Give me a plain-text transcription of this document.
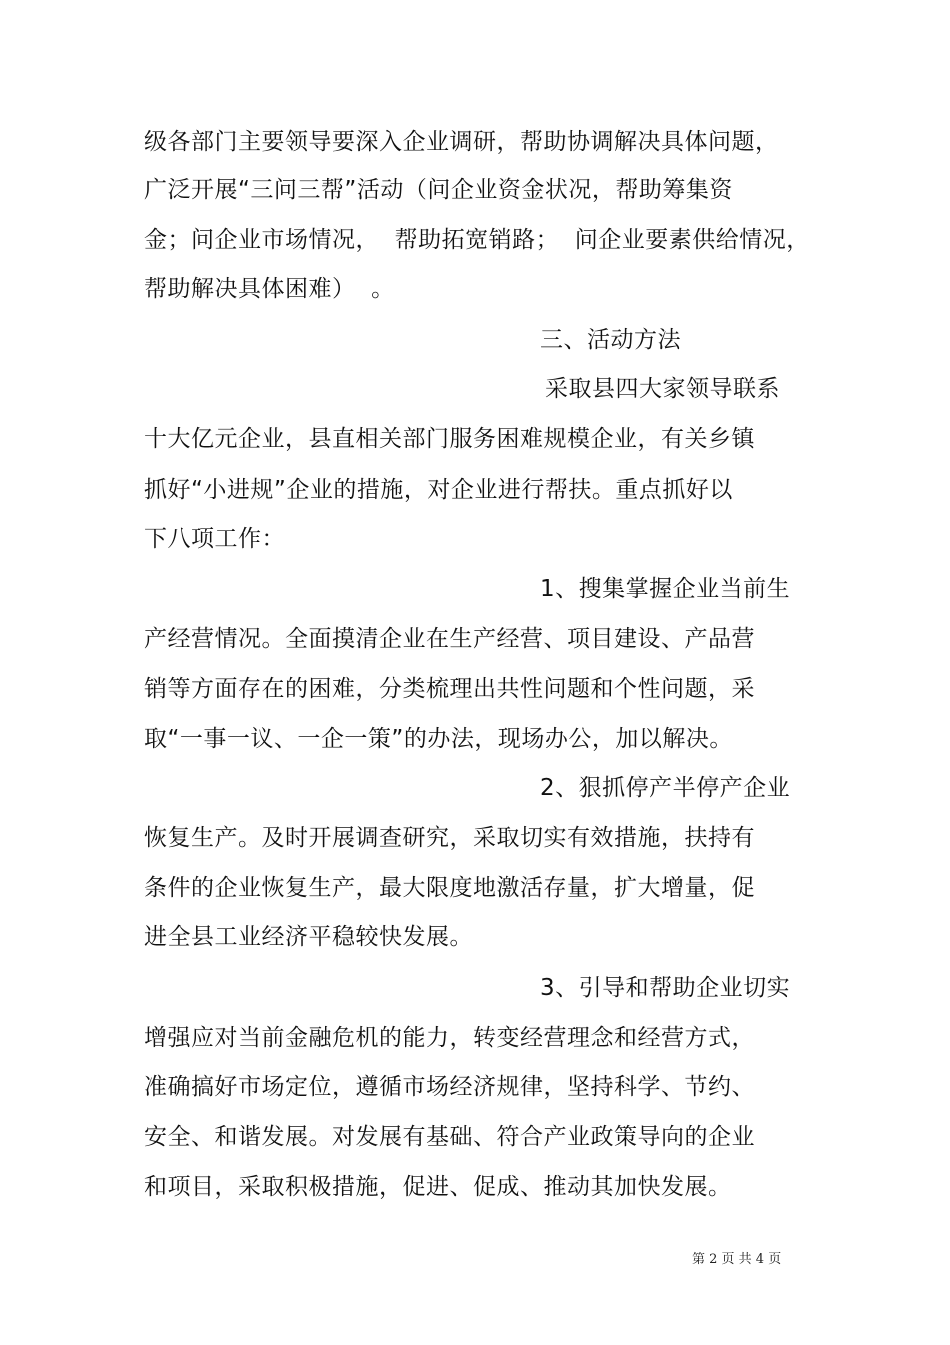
级各部门主要领导要深入企业调研，帮助协调解决具体问题，
广泛开展“三问三帮”活动（问企业资金状况，帮助筹集资
金；问企业市场情况，  帮助拓宽销路；  问企业要素供给情况，
帮助解决具体困难）  。
三、活动方法
采取县四大家领导联系
十大亿元企业，县直相关部门服务困难规模企业，有关乡镇
抓好“小进规”企业的措施，对企业进行帮扶。重点抓好以
下八项工作：
1、搜集掌握企业当前生
产经营情况。全面摸清企业在生产经营、项目建设、产品营
销等方面存在的困难，分类梳理出共性问题和个性问题，采
取“一事一议、一企一策”的办法，现场办公，加以解决。
2、狠抓停产半停产企业
恢复生产。及时开展调查研究，采取切实有效措施，扶持有
条件的企业恢复生产，最大限度地激活存量，扩大增量，促
进全县工业经济平稳较快发展。
3、引导和帮助企业切实
增强应对当前金融危机的能力，转变经营理念和经营方式，
准确搞好市场定位，遵循市场经济规律，坚持科学、节约、
安全、和谐发展。对发展有基础、符合产业政策导向的企业
和项目，采取积极措施，促进、促成、推动其加快发展。
第 2 页 共 4 页
